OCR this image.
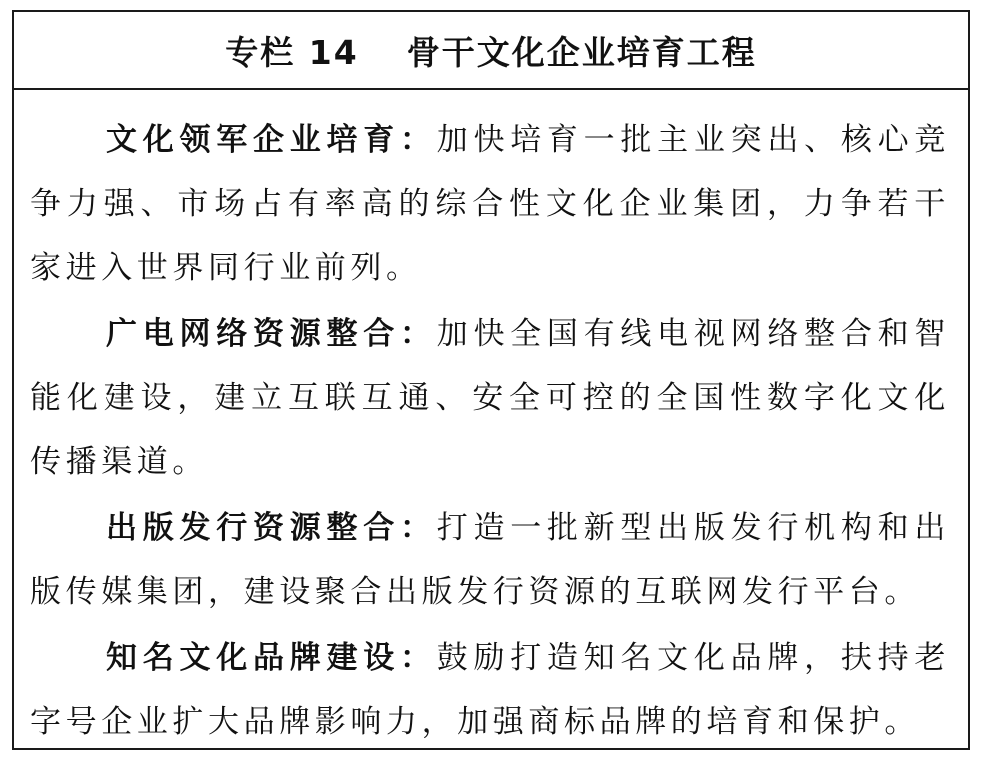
专栏 14 骨干文化企业培育工程

文化领军企业培育：加快培育一批主业突出、核心竞争力强、市场占有率高的综合性文化企业集团，力争若干家进入世界同行业前列。

广电网络资源整合：加快全国有线电视网络整合和智能化建设，建立互联互通、安全可控的全国性数字化文化传播渠道。

出版发行资源整合：打造一批新型出版发行机构和出版传媒集团，建设聚合出版发行资源的互联网发行平台。

知名文化品牌建设：鼓励打造知名文化品牌，扶持老字号企业扩大品牌影响力，加强商标品牌的培育和保护。
